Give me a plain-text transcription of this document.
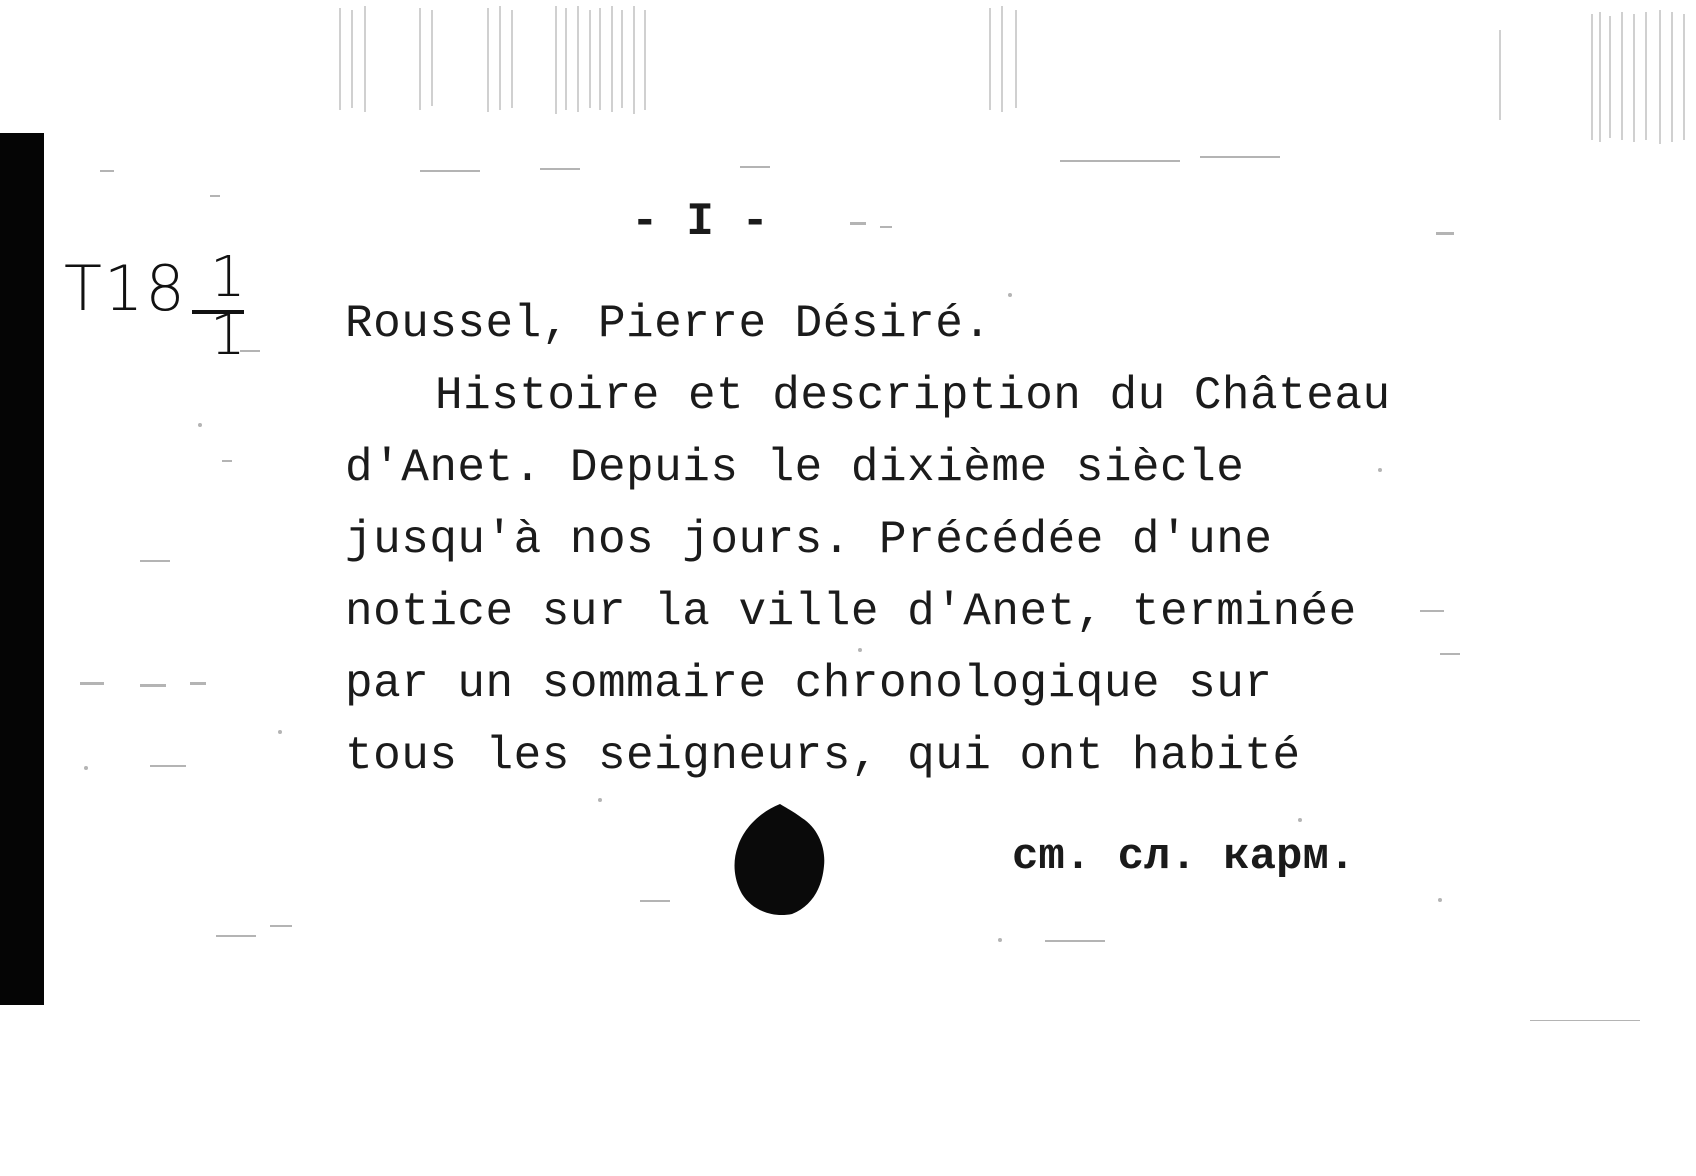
T18 1
1
- I -
Roussel, Pierre Désiré.
Histoire et description du Château
d'Anet. Depuis le dixième siècle
jusqu'à nos jours. Précédée d'une
notice sur la ville d'Anet, terminée
par un sommaire chronologique sur
tous les seigneurs, qui ont habité
cm. cл. карм.
